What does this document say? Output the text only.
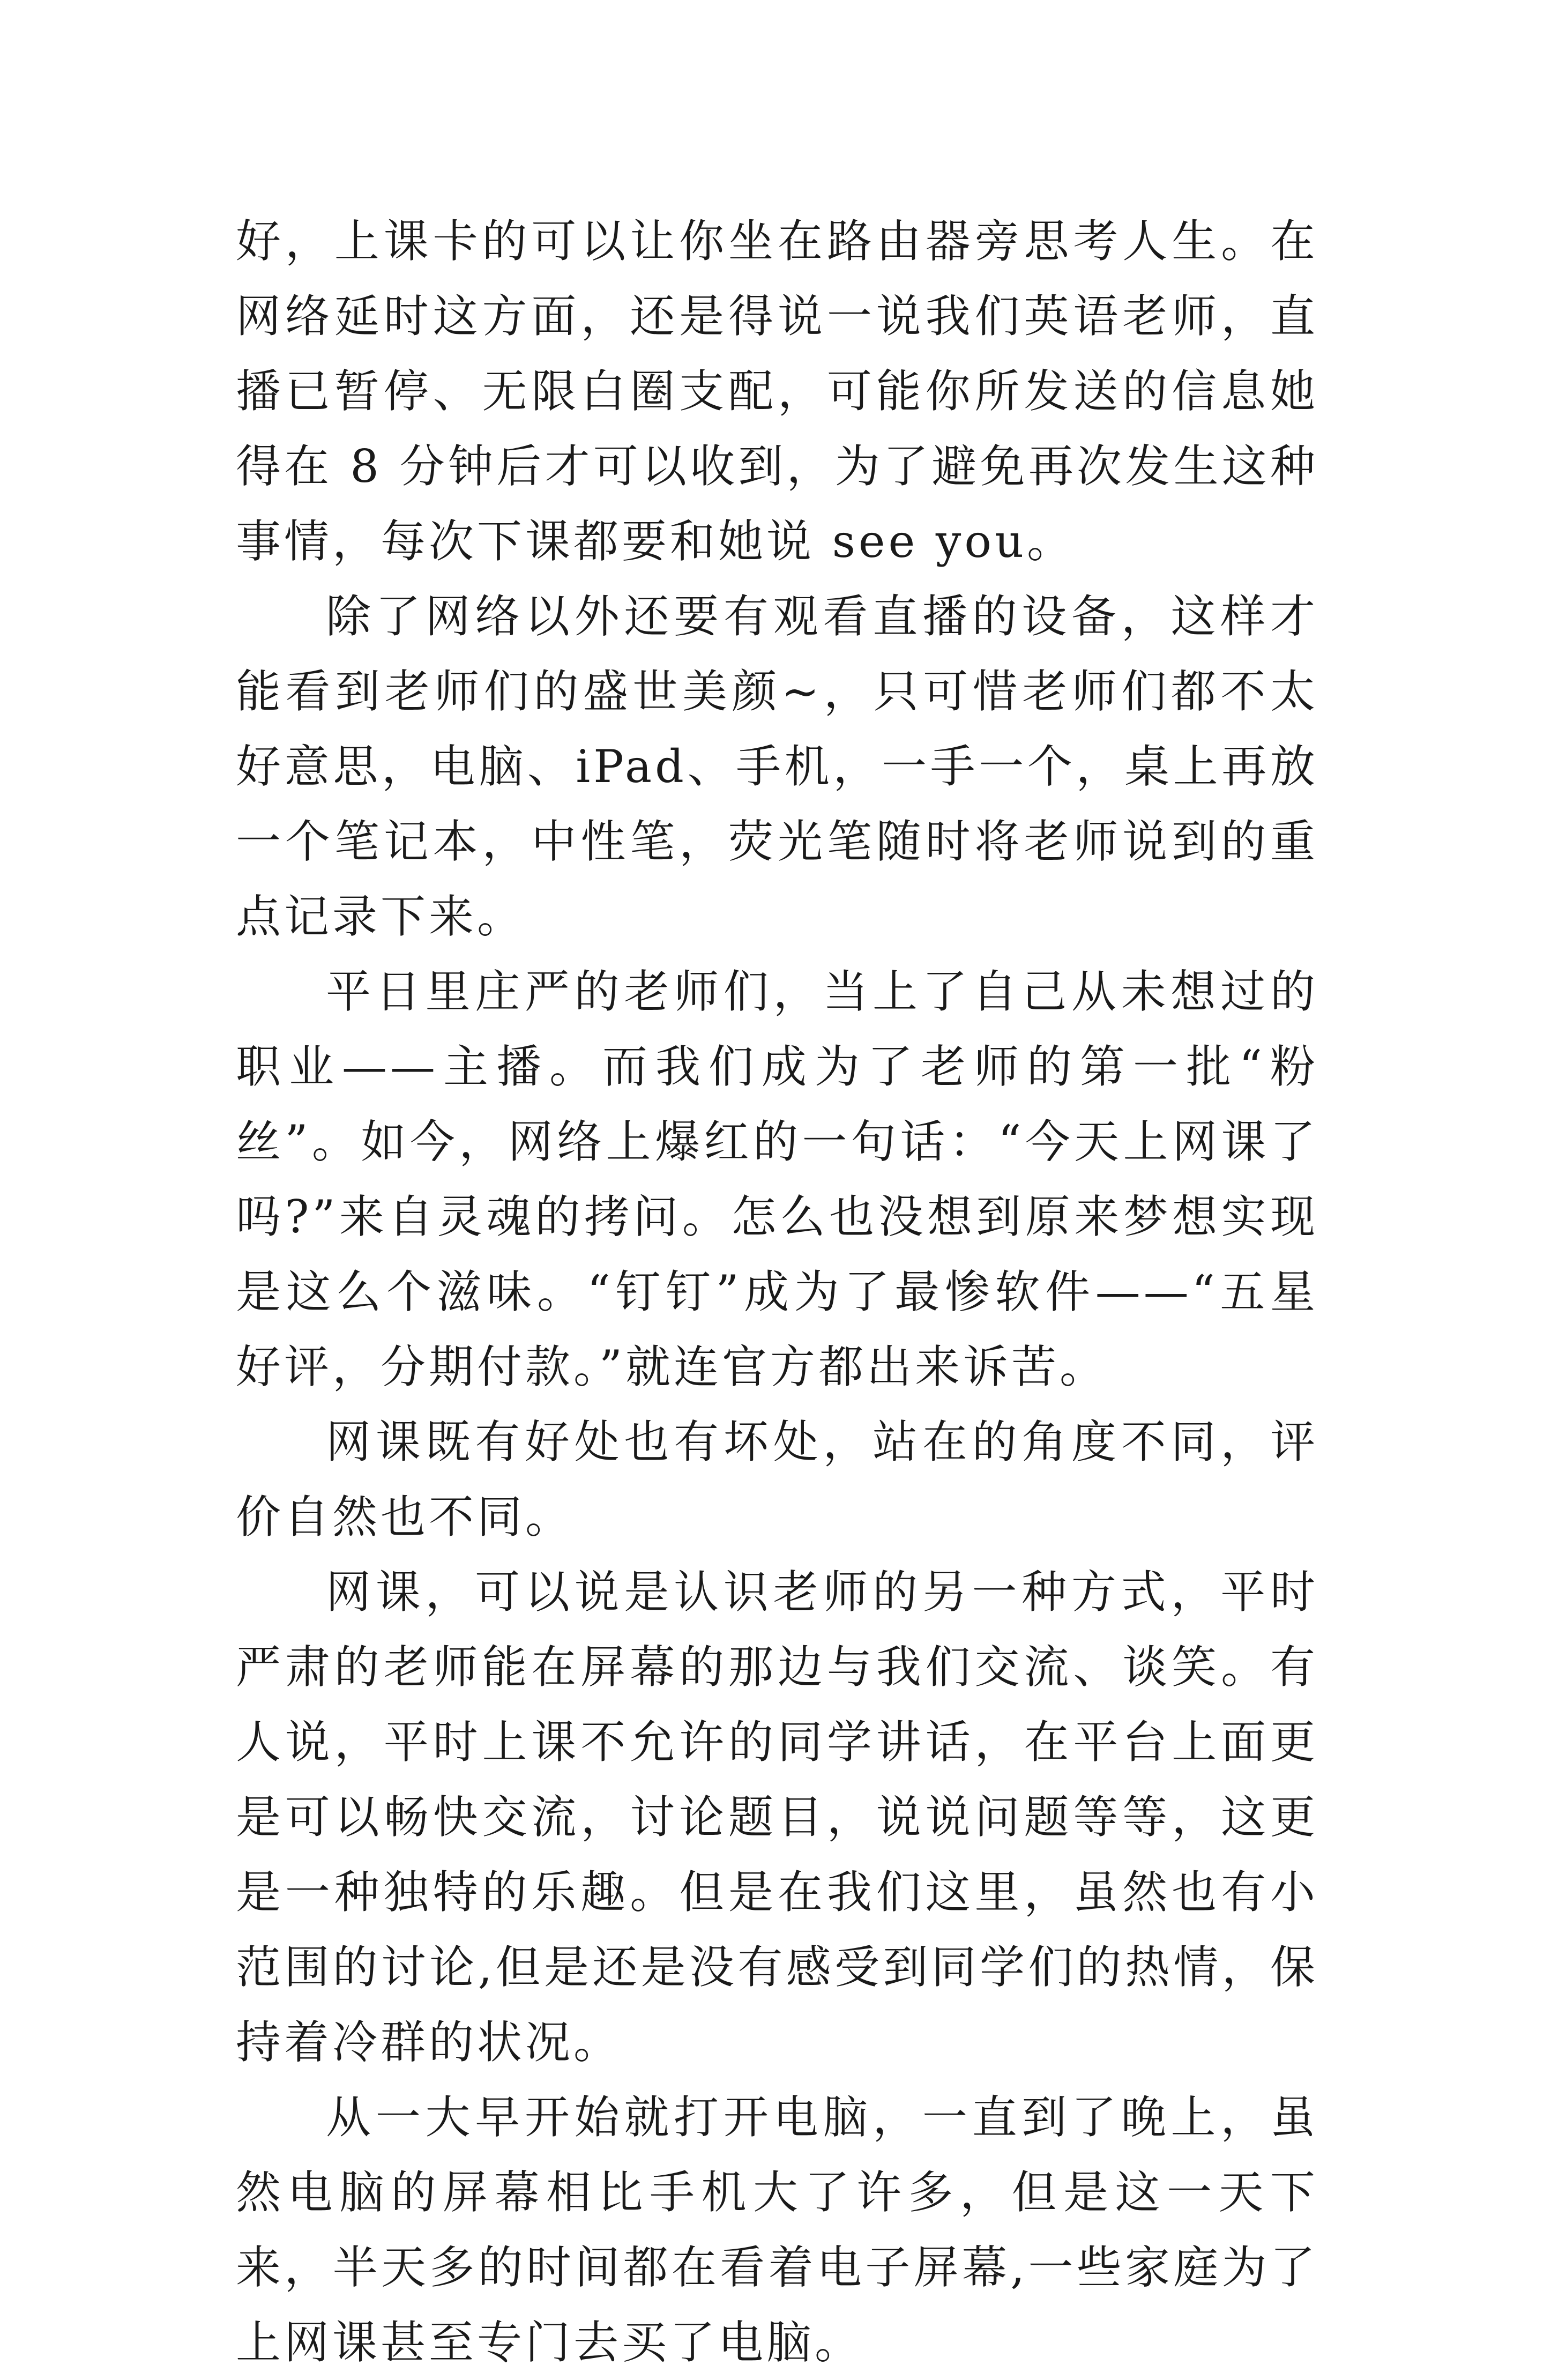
好，上课卡的可以让你坐在路由器旁思考人生。在网络延时这方面，还是得说一说我们英语老师，直播已暂停、无限白圈支配，可能你所发送的信息她得在 8 分钟后才可以收到，为了避免再次发生这种事情，每次下课都要和她说 see you。

除了网络以外还要有观看直播的设备，这样才能看到老师们的盛世美颜~，只可惜老师们都不太好意思，电脑、iPad、手机，一手一个，桌上再放一个笔记本，中性笔，荧光笔随时将老师说到的重点记录下来。

平日里庄严的老师们，当上了自己从未想过的职业——主播。而我们成为了老师的第一批“粉丝”。如今，网络上爆红的一句话：“今天上网课了吗?”来自灵魂的拷问。怎么也没想到原来梦想实现是这么个滋味。“钉钉”成为了最惨软件——“五星好评，分期付款。”就连官方都出来诉苦。

网课既有好处也有坏处，站在的角度不同，评价自然也不同。

网课，可以说是认识老师的另一种方式，平时严肃的老师能在屏幕的那边与我们交流、谈笑。有人说，平时上课不允许的同学讲话，在平台上面更是可以畅快交流，讨论题目，说说问题等等，这更是一种独特的乐趣。但是在我们这里，虽然也有小范围的讨论,但是还是没有感受到同学们的热情，保持着冷群的状况。

从一大早开始就打开电脑，一直到了晚上，虽然电脑的屏幕相比手机大了许多，但是这一天下来，半天多的时间都在看着电子屏幕,一些家庭为了上网课甚至专门去买了电脑。
